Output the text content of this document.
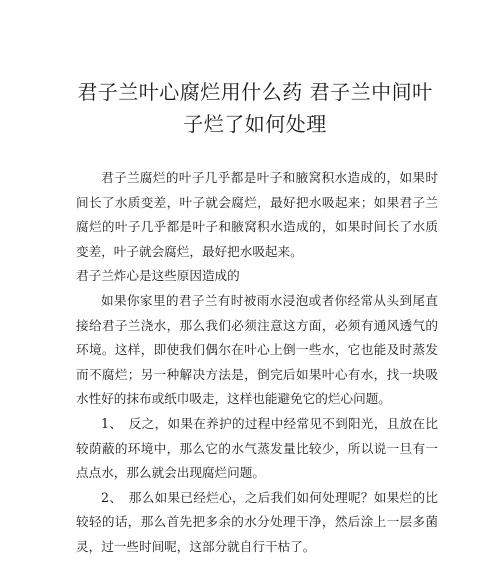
君子兰叶心腐烂用什么药 君子兰中间叶子烂了如何处理

君子兰腐烂的叶子几乎都是叶子和腋窝积水造成的，如果时间长了水质变差，叶子就会腐烂，最好把水吸起来；如果君子兰腐烂的叶子几乎都是叶子和腋窝积水造成的，如果时间长了水质变差，叶子就会腐烂，最好把水吸起来。

君子兰炸心是这些原因造成的

如果你家里的君子兰有时被雨水浸泡或者你经常从头到尾直接给君子兰浇水，那么我们必须注意这方面，必须有通风透气的环境。这样，即使我们偶尔在叶心上倒一些水，它也能及时蒸发而不腐烂；另一种解决方法是，倒完后如果叶心有水，找一块吸水性好的抹布或纸巾吸走，这样也能避免它的烂心问题。

1、　反之，如果在养护的过程中经常见不到阳光，且放在比较荫蔽的环境中，那么它的水气蒸发量比较少，所以说一旦有一点点水，那么就会出现腐烂问题。

2、　那么如果已经烂心，之后我们如何处理呢？如果烂的比较轻的话，那么首先把多余的水分处理干净，然后涂上一层多菌灵，过一些时间呢，这部分就自行干枯了。
